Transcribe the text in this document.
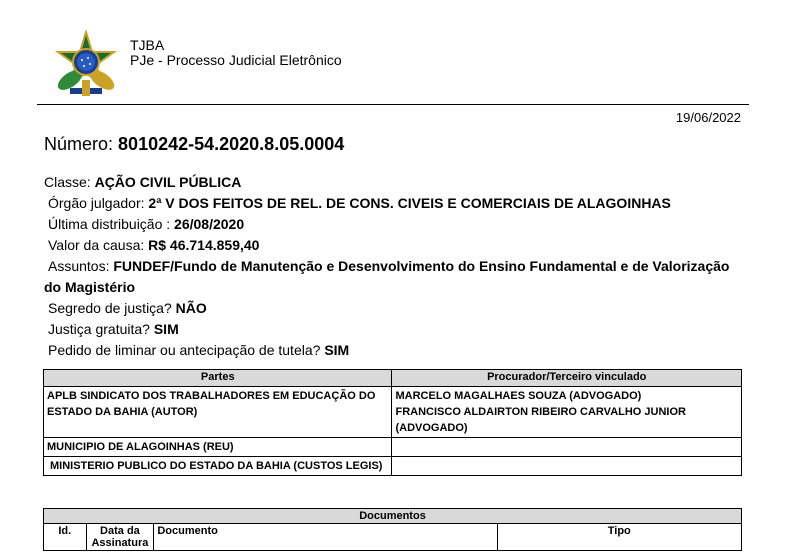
TJBA
PJe - Processo Judicial Eletrônico
19/06/2022
Número: 8010242-54.2020.8.05.0004
Classe: AÇÃO CIVIL PÚBLICA
Órgão julgador: 2ª V DOS FEITOS DE REL. DE CONS. CIVEIS E COMERCIAIS DE ALAGOINHAS
Última distribuição : 26/08/2020
Valor da causa: R$ 46.714.859,40
Assuntos: FUNDEF/Fundo de Manutenção e Desenvolvimento do Ensino Fundamental e de Valorização do Magistério
Segredo de justiça? NÃO
Justiça gratuita? SIM
Pedido de liminar ou antecipação de tutela? SIM
Partes	Procurador/Terceiro vinculado
APLB SINDICATO DOS TRABALHADORES EM EDUCAÇÃO DO ESTADO DA BAHIA (AUTOR)	MARCELO MAGALHAES SOUZA (ADVOGADO)
FRANCISCO ALDAIRTON RIBEIRO CARVALHO JUNIOR (ADVOGADO)

MUNICIPIO DE ALAGOINHAS (REU)	
MINISTERIO PUBLICO DO ESTADO DA BAHIA (CUSTOS LEGIS)	
Documentos
Id.	Data da Assinatura	Documento	Tipo
